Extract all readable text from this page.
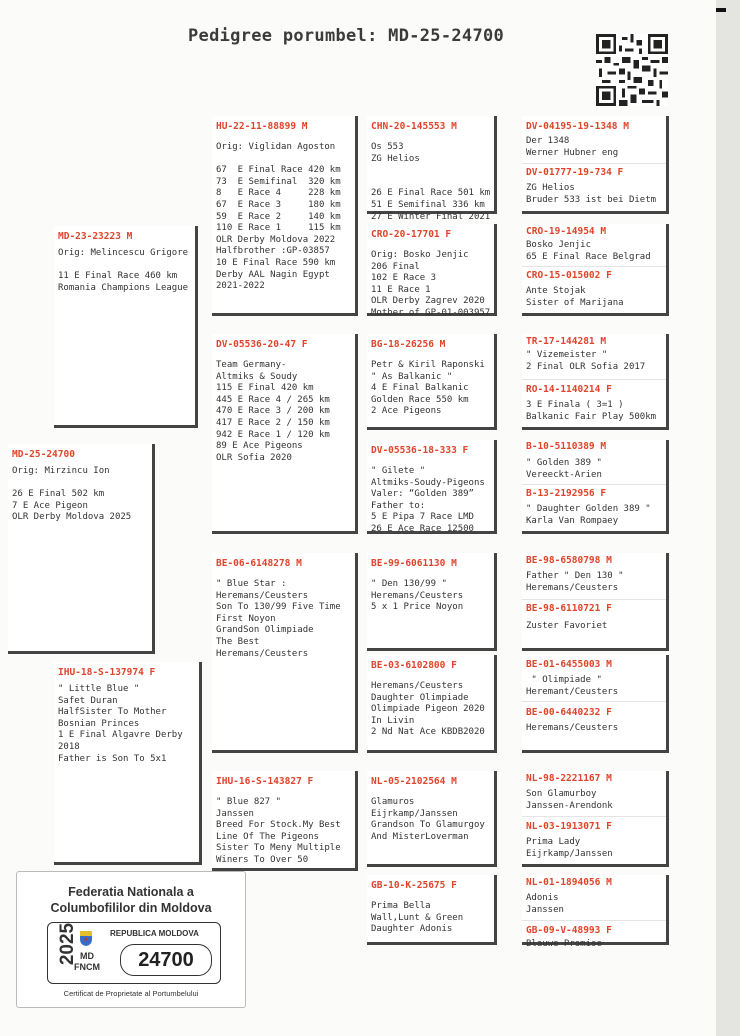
Pedigree porumbel: MD-25-24700
MD-25-24700
Orig: Mirzincu Ion

26 E Final 502 km
7 E Ace Pigeon
OLR Derby Moldova 2025
MD-23-23223 M
Orig: Melincescu Grigore

11 E Final Race 460 km
Romania Champions League
IHU-18-S-137974 F
" Little Blue "
Safet Duran
HalfSister To Mother
Bosnian Princes
1 E Final Algavre Derby
2018
Father is Son To 5x1
HU-22-11-88899 M
Orig: Viglidan Agoston

67  E Final Race 420 km
73  E Semifinal  320 km
8   E Race 4     228 km
67  E Race 3     180 km
59  E Race 2     140 km
110 E Race 1     115 km
OLR Derby Moldova 2022
Halfbrother :GP-03857
10 E Final Race 590 km
Derby AAL Nagin Egypt
2021-2022
DV-05536-20-47 F
Team Germany-
Altmiks & Soudy
115 E Final 420 km
445 E Race 4 / 265 km
470 E Race 3 / 200 km
417 E Race 2 / 150 km
942 E Race 1 / 120 km
89 E Ace Pigeons
OLR Sofia 2020
BE-06-6148278 M
" Blue Star :
Heremans/Ceusters
Son To 130/99 Five Time
First Noyon
GrandSon Olimpiade
The Best
Heremans/Ceusters
IHU-16-S-143827 F
" Blue 827 "
Janssen
Breed For Stock.My Best
Line Of The Pigeons
Sister To Meny Multiple
Winers To Over 50
CHN-20-145553 M
Os 553
ZG Helios

26 E Final Race 501 km
51 E Semifinal 336 km
27 E Winter Final 2021
CRO-20-17701 F
Orig: Bosko Jenjic
206 Final
102 E Race 3
11 E Race 1
OLR Derby Zagrev 2020
Mother of GP-01-003957
BG-18-26256 M
Petr & Kiril Raponski
" As Balkanic "
4 E Final Balkanic
Golden Race 550 km
2 Ace Pigeons
DV-05536-18-333 F
" Gilete "
Altmiks-Soudy-Pigeons
Valer: “Golden 389”
Father to:
5 E Pipa 7 Race LMD
26 E Ace Race 12500
BE-99-6061130 M
" Den 130/99 "
Heremans/Ceusters
5 x 1 Price Noyon
BE-03-6102800 F
Heremans/Ceusters
Daughter Olimpiade
Olimpiade Pigeon 2020
In Livin
2 Nd Nat Ace KBDB2020
NL-05-2102564 M
Glamuros
Eijrkamp/Janssen
Grandson To Glamurgoy
And MisterLoverman
GB-10-K-25675 F
Prima Bella
Wall,Lunt & Green
Daughter Adonis
DV-04195-19-1348 M
Der 1348
Werner Hubner eng
DV-01777-19-734 F
ZG Helios
Bruder 533 ist bei Dietm
CRO-19-14954 M
Bosko Jenjic
65 E Final Race Belgrad
CRO-15-015002 F
Ante Stojak
Sister of Marijana
TR-17-144281 M
" Vizemeister "
2 Final OLR Sofia 2017
RO-14-1140214 F
3 E Finala ( 3=1 )
Balkanic Fair Play 500km
B-10-5110389 M
" Golden 389 "
Vereeckt-Arien
B-13-2192956 F
" Daughter Golden 389 "
Karla Van Rompaey
BE-98-6580798 M
Father " Den 130 "
Heremans/Ceusters
BE-98-6110721 F
Zuster Favoriet
BE-01-6455003 M
" Olimpiade "
Heremant/Ceusters
BE-00-6440232 F
Heremans/Ceusters
NL-98-2221167 M
Son Glamurboy
Janssen-Arendonk
NL-03-1913071 F
Prima Lady
Eijrkamp/Janssen
NL-01-1894056 M
Adonis
Janssen
GB-09-V-48993 F
Blauwe Promise
Federatia Nationala a
Columbofililor din Moldova
2025 MD
FNCM
REPUBLICA MOLDOVA
24700
Certificat de Proprietate al Portumbelului
